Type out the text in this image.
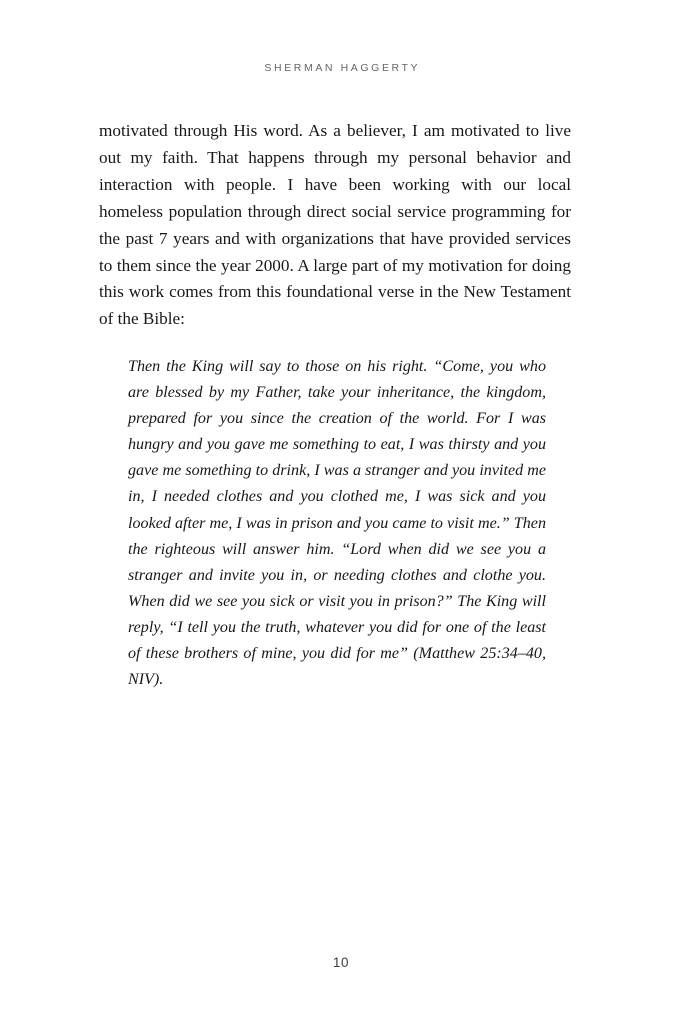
SHERMAN HAGGERTY

motivated through His word. As a believer, I am motivated to live out my faith. That happens through my personal behavior and interaction with people. I have been working with our local homeless population through direct social service programming for the past 7 years and with organizations that have provided services to them since the year 2000. A large part of my motivation for doing this work comes from this foundational verse in the New Testament of the Bible:

Then the King will say to those on his right. “Come, you who are blessed by my Father, take your inheritance, the kingdom, prepared for you since the creation of the world. For I was hungry and you gave me something to eat, I was thirsty and you gave me something to drink, I was a stranger and you invited me in, I needed clothes and you clothed me, I was sick and you looked after me, I was in prison and you came to visit me.” Then the righteous will answer him. “Lord when did we see you a stranger and invite you in, or needing clothes and clothe you. When did we see you sick or visit you in prison?” The King will reply, “I tell you the truth, whatever you did for one of the least of these brothers of mine, you did for me” (Matthew 25:34–40, NIV).

10
